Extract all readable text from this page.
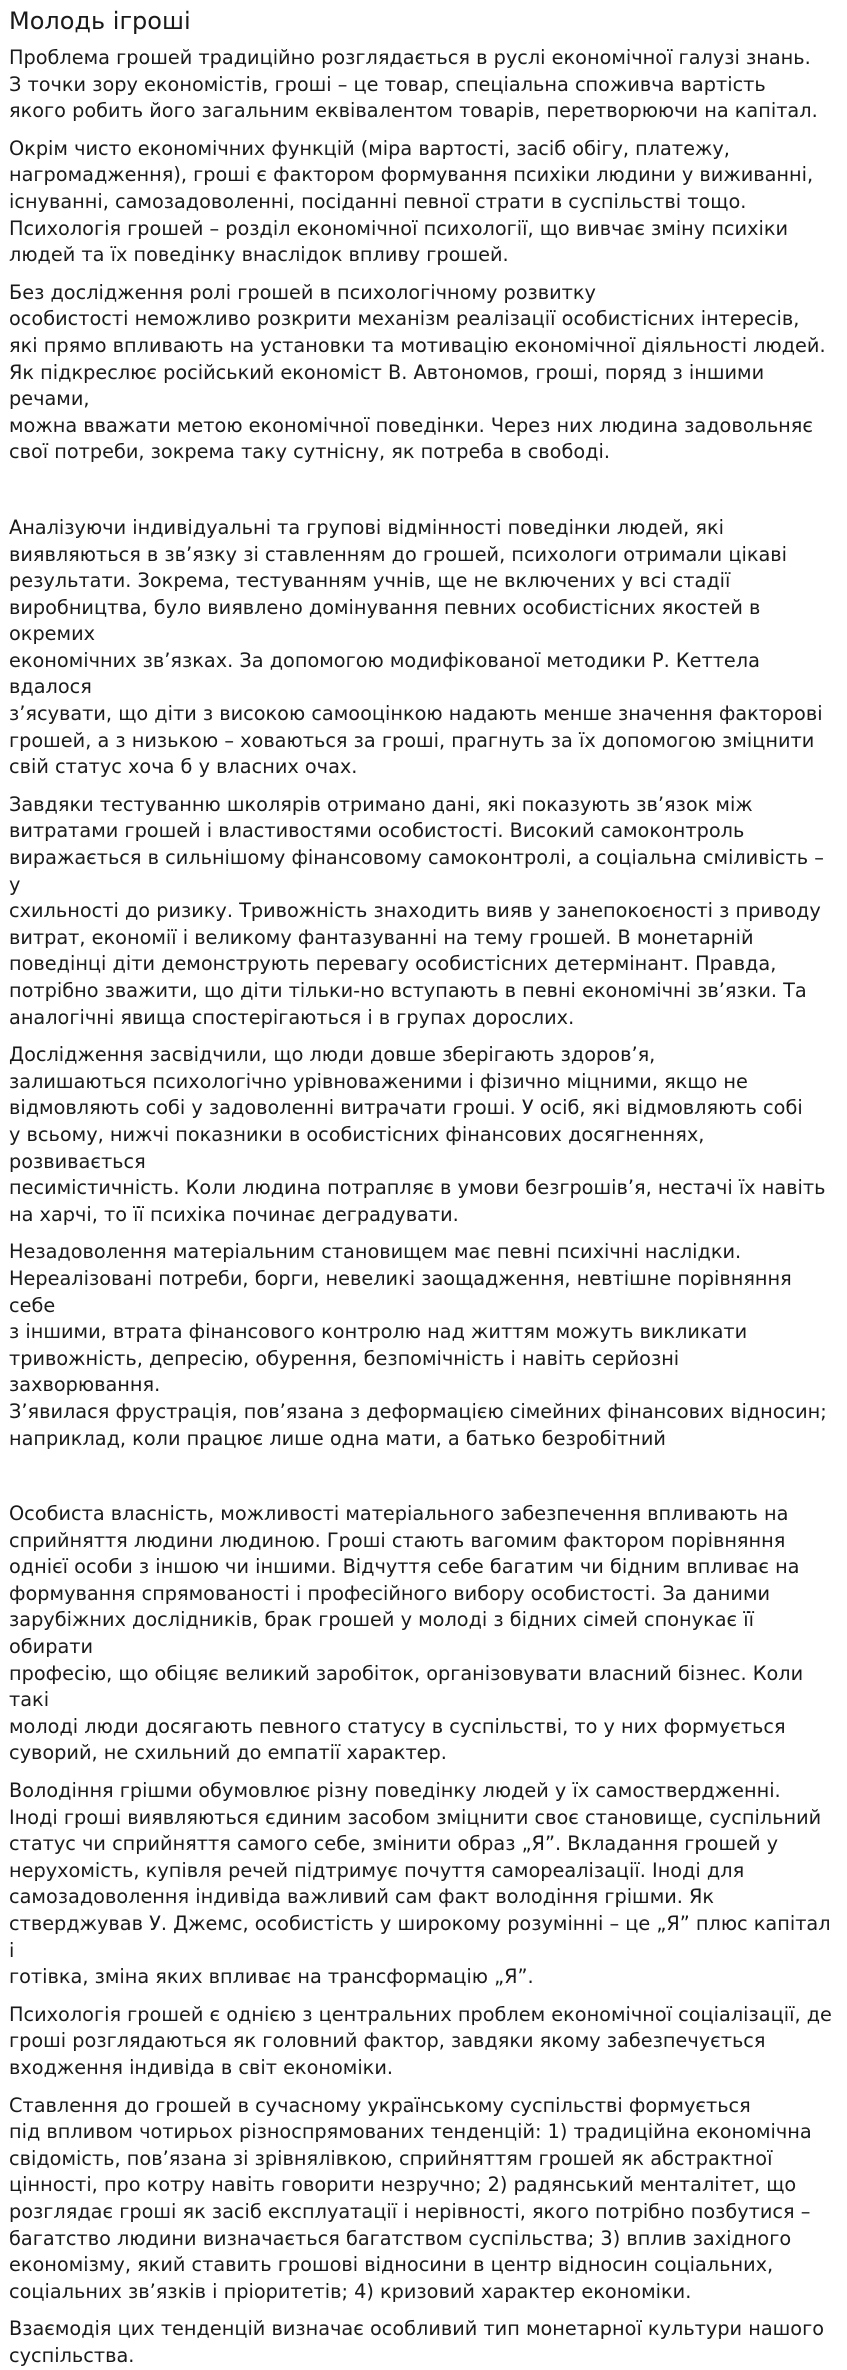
Молодь ігроші

Проблема грошей традиційно розглядається в руслі економічної галузі знань.
З точки зору економістів, гроші – це товар, спеціальна споживча вартість
якого робить його загальним еквівалентом товарів, перетворюючи на капітал.

Окрім чисто економічних функцій (міра вартості, засіб обігу, платежу,
нагромадження), гроші є фактором формування психіки людини у виживанні,
існуванні, самозадоволенні, посіданні певної страти в суспільстві тощо.
Психологія грошей – розділ економічної психології, що вивчає зміну психіки
людей та їх поведінку внаслідок впливу грошей.

Без дослідження ролі грошей в психологічному розвитку
особистості неможливо розкрити механізм реалізації особистісних інтересів,
які прямо впливають на установки та мотивацію економічної діяльності людей.
Як підкреслює російський економіст В. Автономов, гроші, поряд з іншими речами,
можна вважати метою економічної поведінки. Через них людина задовольняє
свої потреби, зокрема таку сутнісну, як потреба в свободі.

Аналізуючи індивідуальні та групові відмінності поведінки людей, які
виявляються в зв’язку зі ставленням до грошей, психологи отримали цікаві
результати. Зокрема, тестуванням учнів, ще не включених у всі стадії
виробництва, було виявлено домінування певних особистісних якостей в окремих
економічних зв’язках. За допомогою модифікованої методики Р. Кеттела вдалося
з’ясувати, що діти з високою самооцінкою надають менше значення факторові
грошей, а з низькою – ховаються за гроші, прагнуть за їх допомогою зміцнити
свій статус хоча б у власних очах.

Завдяки тестуванню школярів отримано дані, які показують зв’язок між
витратами грошей і властивостями особистості. Високий самоконтроль
виражається в сильнішому фінансовому самоконтролі, а соціальна сміливість – у
схильності до ризику. Тривожність знаходить вияв у занепокоєності з приводу
витрат, економії і великому фантазуванні на тему грошей. В монетарній
поведінці діти демонструють перевагу особистісних детермінант. Правда,
потрібно зважити, що діти тільки-но вступають в певні економічні зв’язки. Та
аналогічні явища спостерігаються і в групах дорослих.

Дослідження засвідчили, що люди довше зберігають здоров’я,
залишаються психологічно урівноваженими і фізично міцними, якщо не
відмовляють собі у задоволенні витрачати гроші. У осіб, які відмовляють собі
у всьому, нижчі показники в особистісних фінансових досягненнях, розвивається
песимістичність. Коли людина потрапляє в умови безгрошів’я, нестачі їх навіть
на харчі, то її психіка починає деградувати.

Незадоволення матеріальним становищем має певні психічні наслідки.
Нереалізовані потреби, борги, невеликі заощадження, невтішне порівняння себе
з іншими, втрата фінансового контролю над життям можуть викликати
тривожність, депресію, обурення, безпомічність і навіть серйозні захворювання.
З’явилася фрустрація, пов’язана з деформацією сімейних фінансових відносин;
наприклад, коли працює лише одна мати, а батько безробітний

Особиста власність, можливості матеріального забезпечення впливають на
сприйняття людини людиною. Гроші стають вагомим фактором порівняння
однієї особи з іншою чи іншими. Відчуття себе багатим чи бідним впливає на
формування спрямованості і професійного вибору особистості. За даними
зарубіжних дослідників, брак грошей у молоді з бідних сімей спонукає її обирати
професію, що обіцяє великий заробіток, організовувати власний бізнес. Коли такі
молоді люди досягають певного статусу в суспільстві, то у них формується
суворий, не схильний до емпатії характер.

Володіння грішми обумовлює різну поведінку людей у їх самоствердженні.
Іноді гроші виявляються єдиним засобом зміцнити своє становище, суспільний
статус чи сприйняття самого себе, змінити образ „Я”. Вкладання грошей у
нерухомість, купівля речей підтримує почуття самореалізації. Іноді для
самозадоволення індивіда важливий сам факт володіння грішми. Як
стверджував У. Джемс, особистість у широкому розумінні – це „Я” плюс капітал і
готівка, зміна яких впливає на трансформацію „Я”.

Психологія грошей є однією з центральних проблем економічної соціалізації, де
гроші розглядаються як головний фактор, завдяки якому забезпечується
входження індивіда в світ економіки.

Ставлення до грошей в сучасному українському суспільстві формується
під впливом чотирьох різноспрямованих тенденцій: 1) традиційна економічна
свідомість, пов’язана зі зрівнялівкою, сприйняттям грошей як абстрактної
цінності, про котру навіть говорити незручно; 2) радянський менталітет, що
розглядає гроші як засіб експлуатації і нерівності, якого потрібно позбутися –
багатство людини визначається багатством суспільства; 3) вплив західного
економізму, який ставить грошові відносини в центр відносин соціальних,
соціальних зв’язків і пріоритетів; 4) кризовий характер економіки.

Взаємодія цих тенденцій визначає особливий тип монетарної культури нашого
суспільства.
